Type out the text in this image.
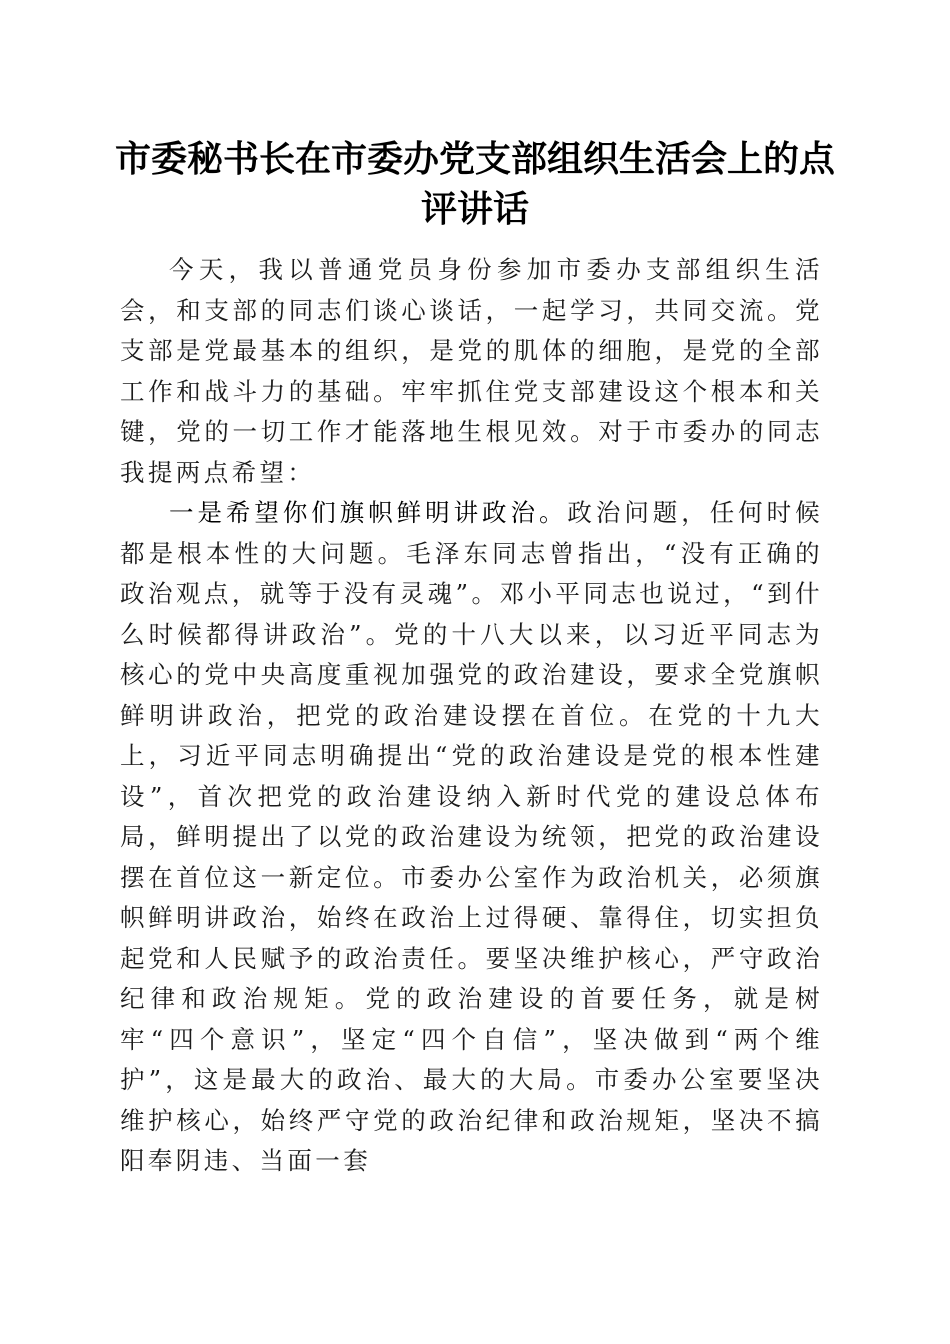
市委秘书长在市委办党支部组织生活会上的点评讲话

今天，我以普通党员身份参加市委办支部组织生活会，和支部的同志们谈心谈话，一起学习，共同交流。党支部是党最基本的组织，是党的肌体的细胞，是党的全部工作和战斗力的基础。牢牢抓住党支部建设这个根本和关键，党的一切工作才能落地生根见效。对于市委办的同志我提两点希望：

一是希望你们旗帜鲜明讲政治。政治问题，任何时候都是根本性的大问题。毛泽东同志曾指出，“没有正确的政治观点，就等于没有灵魂”。邓小平同志也说过，“到什么时候都得讲政治”。党的十八大以来，以习近平同志为核心的党中央高度重视加强党的政治建设，要求全党旗帜鲜明讲政治，把党的政治建设摆在首位。在党的十九大上，习近平同志明确提出“党的政治建设是党的根本性建设”，首次把党的政治建设纳入新时代党的建设总体布局，鲜明提出了以党的政治建设为统领，把党的政治建设摆在首位这一新定位。市委办公室作为政治机关，必须旗帜鲜明讲政治，始终在政治上过得硬、靠得住，切实担负起党和人民赋予的政治责任。要坚决维护核心，严守政治纪律和政治规矩。党的政治建设的首要任务，就是树牢“四个意识”，坚定“四个自信”，坚决做到“两个维护”，这是最大的政治、最大的大局。市委办公室要坚决维护核心，始终严守党的政治纪律和政治规矩，坚决不搞阳奉阴违、当面一套
